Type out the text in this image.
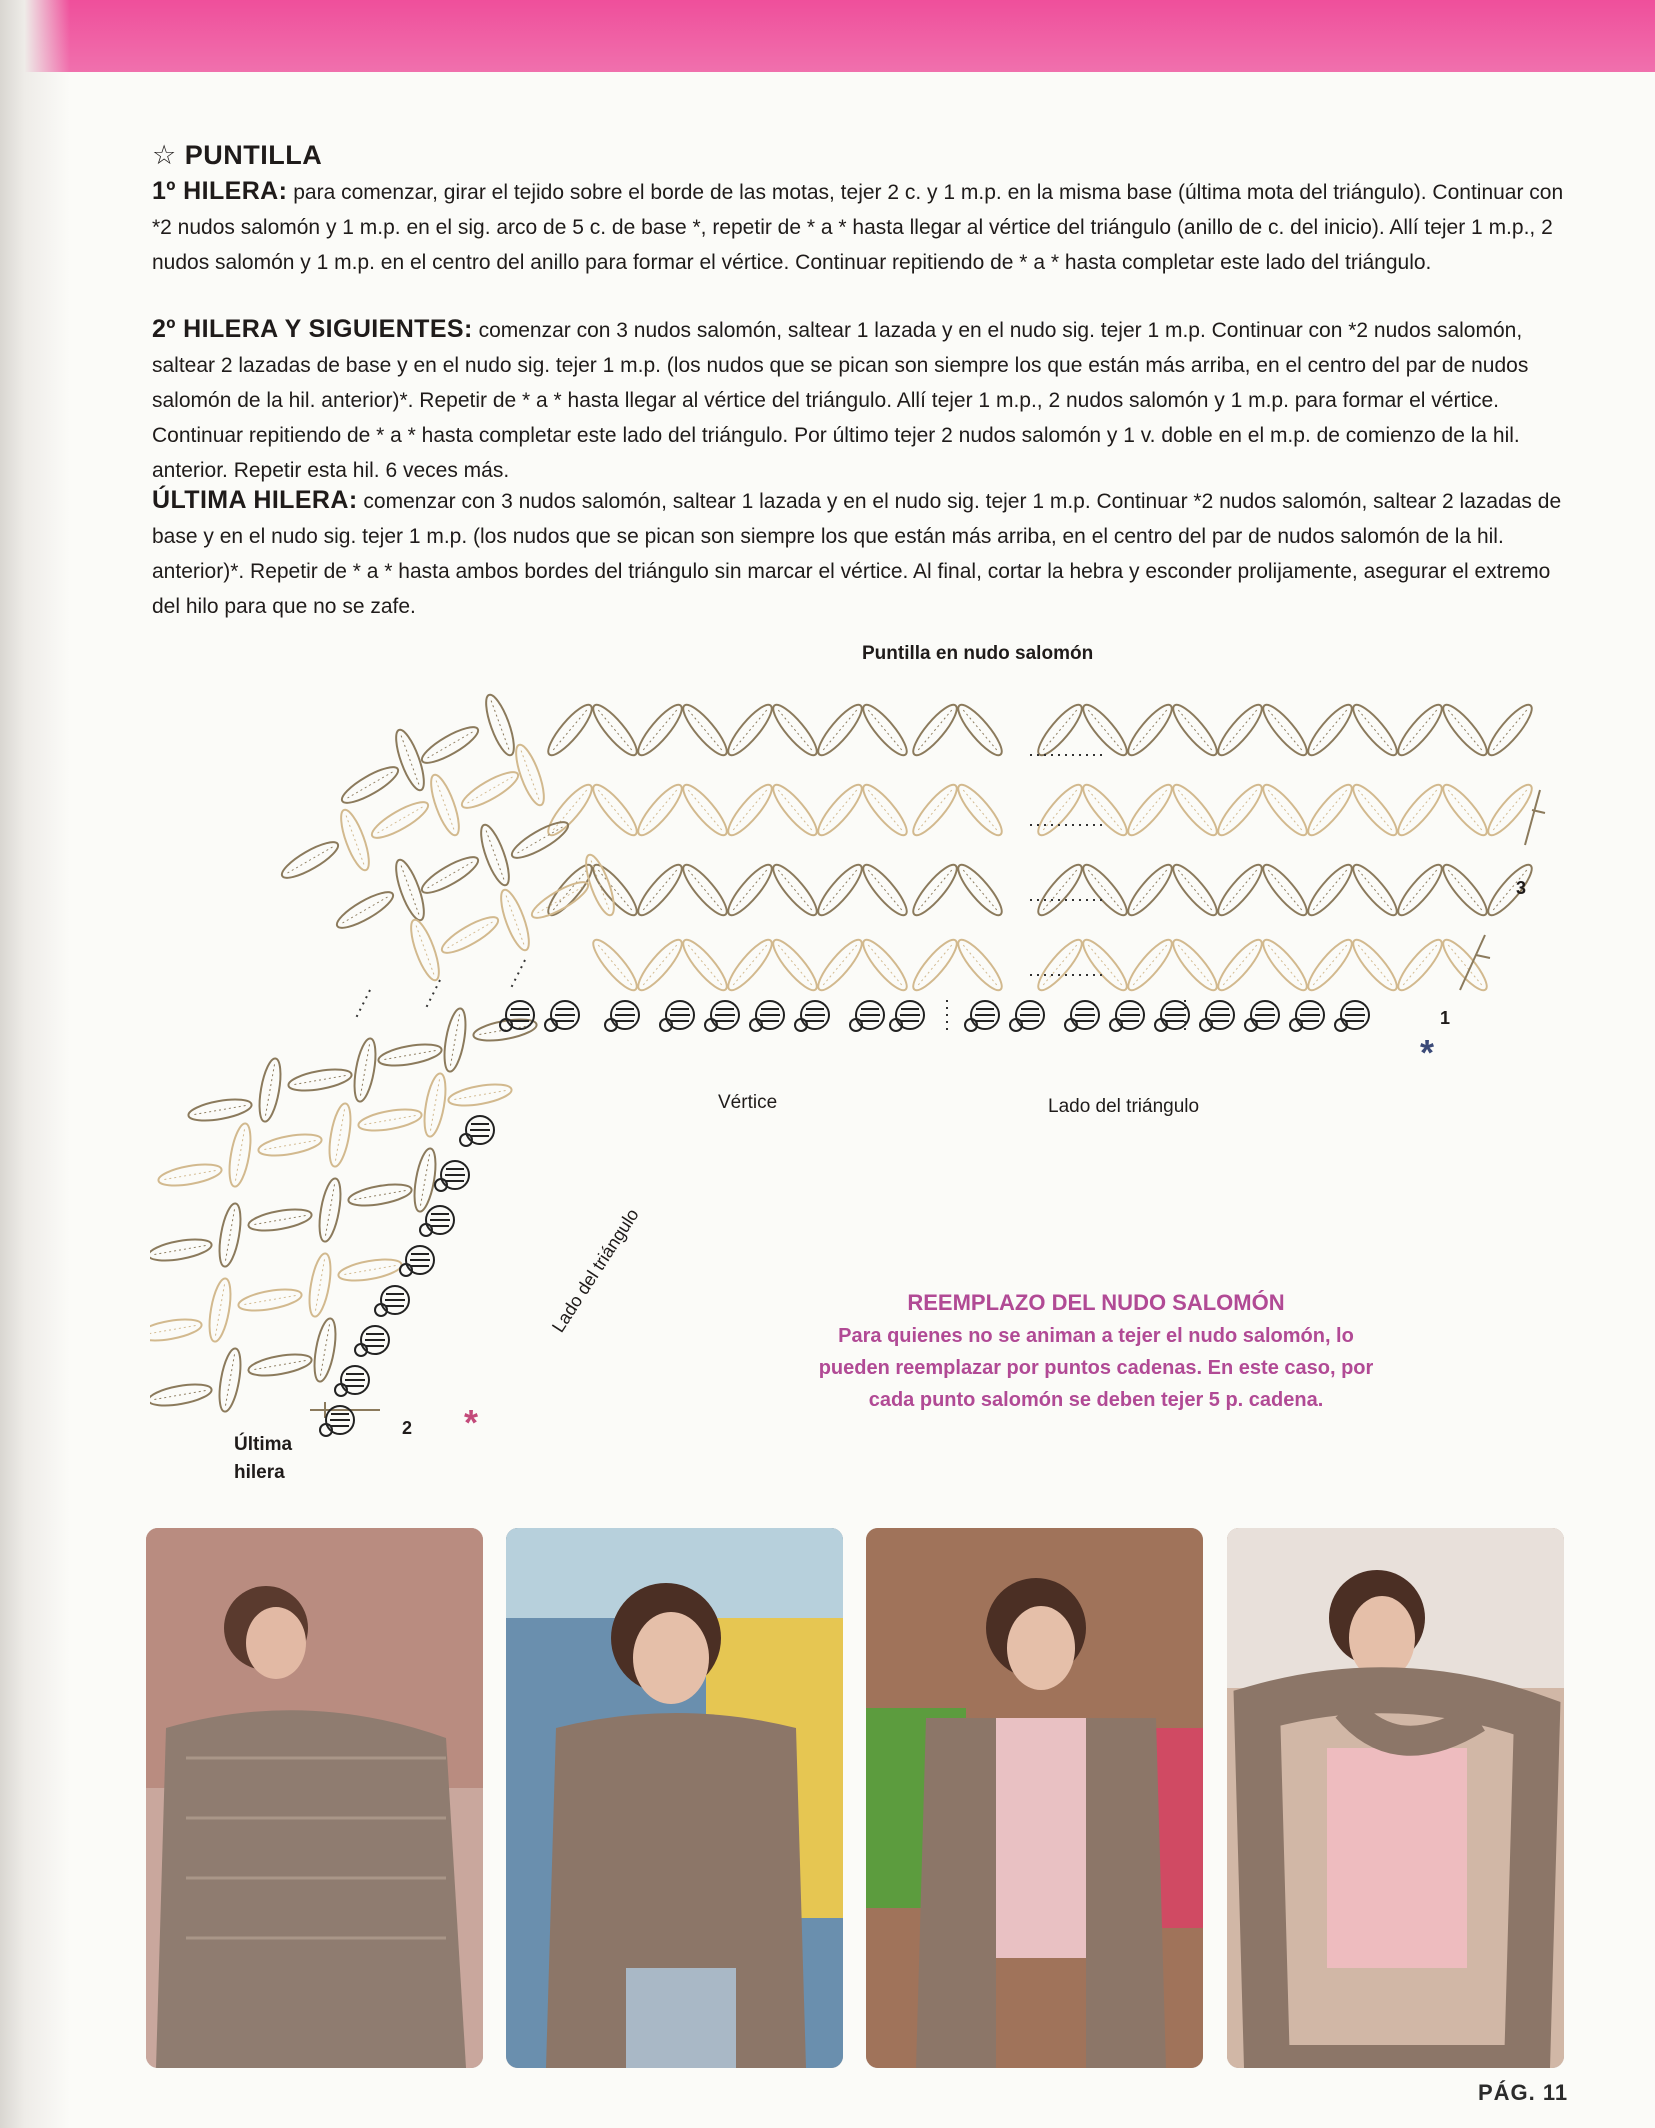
☆ PUNTILLA
1º HILERA: para comenzar, girar el tejido sobre el borde de las motas, tejer 2 c. y 1 m.p. en la misma base (última mota del triángulo). Continuar con *2 nudos salomón y 1 m.p. en el sig. arco de 5 c. de base *, repetir de * a * hasta llegar al vértice del triángulo (anillo de c. del inicio). Allí tejer 1 m.p., 2 nudos salomón y 1 m.p. en el centro del anillo para formar el vértice. Continuar repitiendo de * a * hasta completar este lado del triángulo.
2º HILERA Y SIGUIENTES: comenzar con 3 nudos salomón, saltear 1 lazada y en el nudo sig. tejer 1 m.p. Continuar con *2 nudos salomón, saltear 2 lazadas de base y en el nudo sig. tejer 1 m.p. (los nudos que se pican son siempre los que están más arriba, en el centro del par de nudos salomón de la hil. anterior)*. Repetir de * a * hasta llegar al vértice del triángulo. Allí tejer 1 m.p., 2 nudos salomón y 1 m.p. para formar el vértice. Continuar repitiendo de * a * hasta completar este lado del triángulo. Por último tejer 2 nudos salomón y 1 v. doble en el m.p. de comienzo de la hil. anterior. Repetir esta hil. 6 veces más.
ÚLTIMA HILERA: comenzar con 3 nudos salomón, saltear 1 lazada y en el nudo sig. tejer 1 m.p. Continuar *2 nudos salomón, saltear 2 lazadas de base y en el nudo sig. tejer 1 m.p. (los nudos que se pican son siempre los que están más arriba, en el centro del par de nudos salomón de la hil. anterior)*. Repetir de * a * hasta ambos bordes del triángulo sin marcar el vértice. Al final, cortar la hebra y esconder prolijamente, asegurar el extremo del hilo para que no se zafe.
Puntilla en nudo salomón
Vértice	Lado del triángulo
Lado del triángulo
Última
hilera
1
2
3
*
*
REEMPLAZO DEL NUDO SALOMÓN
Para quienes no se animan a tejer el nudo salomón, lo pueden reemplazar por puntos cadenas. En este caso, por cada punto salomón se deben tejer 5 p. cadena.
PÁG. 11
